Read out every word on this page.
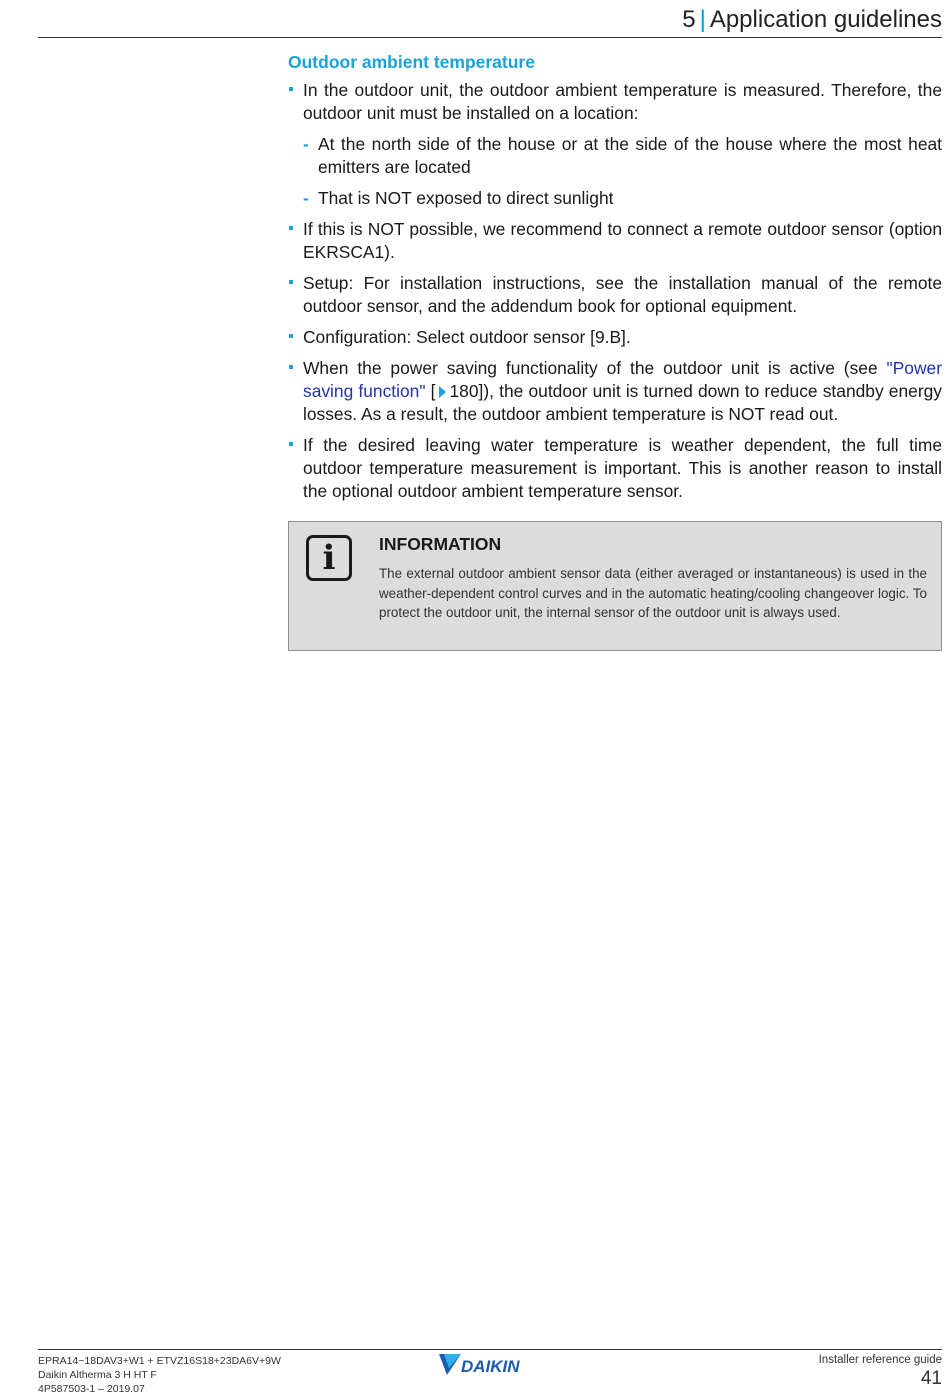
5 | Application guidelines
Outdoor ambient temperature
In the outdoor unit, the outdoor ambient temperature is measured. Therefore, the outdoor unit must be installed on a location:
- At the north side of the house or at the side of the house where the most heat emitters are located
- That is NOT exposed to direct sunlight
If this is NOT possible, we recommend to connect a remote outdoor sensor (option EKRSCA1).
Setup: For installation instructions, see the installation manual of the remote outdoor sensor, and the addendum book for optional equipment.
Configuration: Select outdoor sensor [9.B].
When the power saving functionality of the outdoor unit is active (see "Power saving function" [ 180]), the outdoor unit is turned down to reduce standby energy losses. As a result, the outdoor ambient temperature is NOT read out.
If the desired leaving water temperature is weather dependent, the full time outdoor temperature measurement is important. This is another reason to install the optional outdoor ambient temperature sensor.
i	INFORMATION
The external outdoor ambient sensor data (either averaged or instantaneous) is used in the weather-dependent control curves and in the automatic heating/cooling changeover logic. To protect the outdoor unit, the internal sensor of the outdoor unit is always used.
EPRA14~18DAV3+W1 + ETVZ16S18+23DA6V+9W
Daikin Altherma 3 H HT F
4P587503-1 – 2019.07
DAIKIN	Installer reference guide
41
